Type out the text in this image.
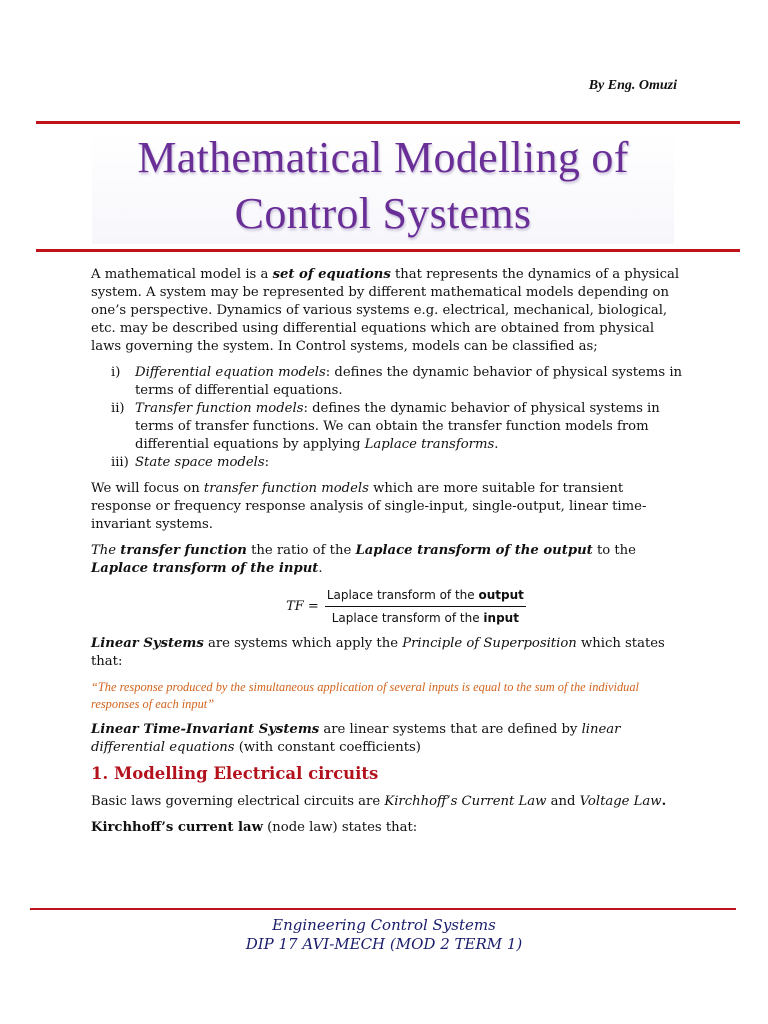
By Eng. Omuzi
Mathematical Modelling of
Control Systems

A mathematical model is a set of equations that represents the dynamics of a physical system. A system may be represented by different mathematical models depending on one’s perspective. Dynamics of various systems e.g. electrical, mechanical, biological, etc. may be described using differential equations which are obtained from physical laws governing the system. In Control systems, models can be classified as;

i) Differential equation models: defines the dynamic behavior of physical systems in terms of differential equations.
ii) Transfer function models: defines the dynamic behavior of physical systems in terms of transfer functions. We can obtain the transfer function models from differential equations by applying Laplace transforms.
iii) State space models:

We will focus on transfer function models which are more suitable for transient response or frequency response analysis of single-input, single-output, linear time-invariant systems.

The transfer function the ratio of the Laplace transform of the output to the Laplace transform of the input.

TF = $\frac{\text{Laplace transform of the output}}{\text{Laplace transform of the input}}$

Linear Systems are systems which apply the Principle of Superposition which states that:

“The response produced by the simultaneous application of several inputs is equal to the sum of the individual responses of each input”

Linear Time-Invariant Systems are linear systems that are defined by linear differential equations (with constant coefficients)

1. Modelling Electrical circuits

Basic laws governing electrical circuits are Kirchhoff’s Current Law and Voltage Law.

Kirchhoff’s current law (node law) states that:

Engineering Control Systems
DIP 17 AVI-MECH (MOD 2 TERM 1)
